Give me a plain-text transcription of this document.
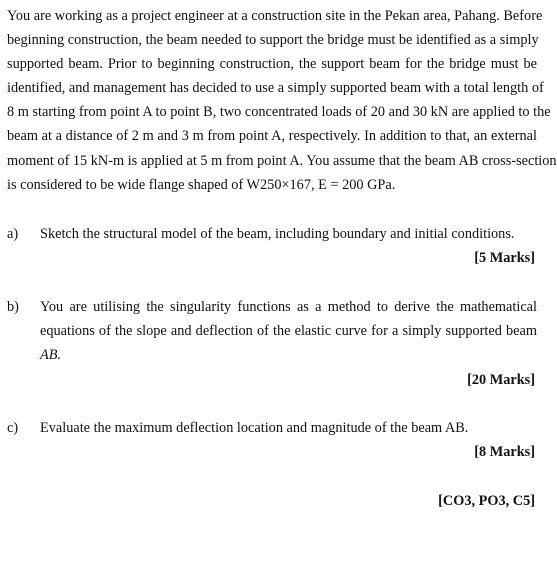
You are working as a project engineer at a construction site in the Pekan area, Pahang. Before
beginning construction, the beam needed to support the bridge must be identified as a simply
supported beam. Prior to beginning construction, the support beam for the bridge must be
identified, and management has decided to use a simply supported beam with a total length of
8 m starting from point A to point B, two concentrated loads of 20 and 30 kN are applied to the
beam at a distance of 2 m and 3 m from point A, respectively. In addition to that, an external
moment of 15 kN-m is applied at 5 m from point A. You assume that the beam AB cross-section
is considered to be wide flange shaped of W250×167, E = 200 GPa.
a) Sketch the structural model of the beam, including boundary and initial conditions.
[5 Marks]
b) You are utilising the singularity functions as a method to derive the mathematical
equations of the slope and deflection of the elastic curve for a simply supported beam
AB.
[20 Marks]
c) Evaluate the maximum deflection location and magnitude of the beam AB.
[8 Marks]
[CO3, PO3, C5]
